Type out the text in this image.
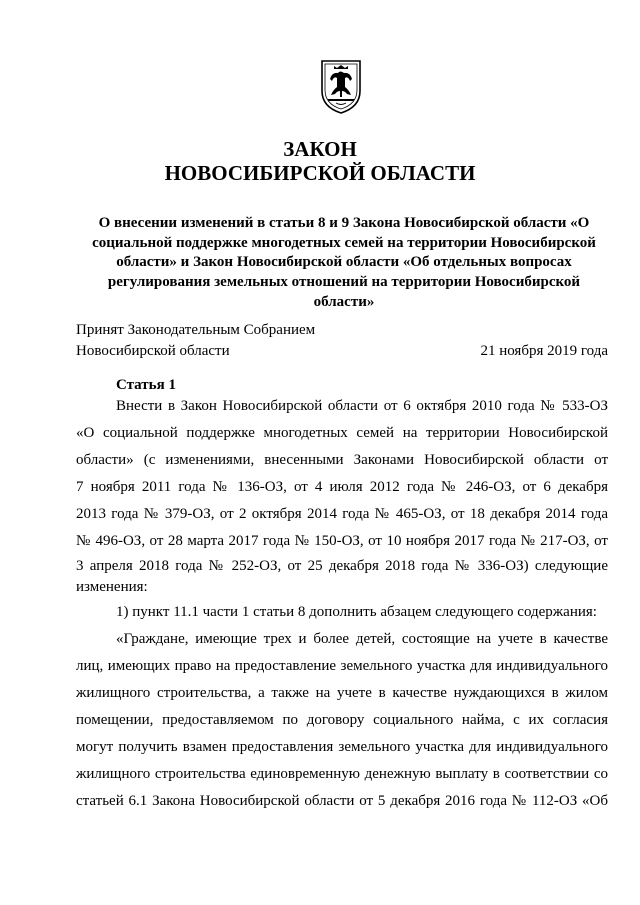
ЗАКОН
НОВОСИБИРСКОЙ ОБЛАСТИ
О внесении изменений в статьи 8 и 9 Закона Новосибирской области «О социальной поддержке многодетных семей на территории Новосибирской области» и Закон Новосибирской области «Об отдельных вопросах регулирования земельных отношений на территории Новосибирской области»
Принят Законодательным Собранием
Новосибирской области	21 ноября 2019 года
Статья 1
Внести в Закон Новосибирской области от 6 октября 2010 года № 533-ОЗ
«О социальной поддержке многодетных семей на территории Новосибирской
области» (с изменениями, внесенными Законами Новосибирской области от
7 ноября 2011 года № 136-ОЗ, от 4 июля 2012 года № 246-ОЗ, от 6 декабря
2013 года № 379-ОЗ, от 2 октября 2014 года № 465-ОЗ, от 18 декабря 2014 года
№ 496-ОЗ, от 28 марта 2017 года № 150-ОЗ, от 10 ноября 2017 года № 217-ОЗ, от
3 апреля 2018 года № 252-ОЗ, от 25 декабря 2018 года № 336-ОЗ) следующие
изменения:
1) пункт 11.1 части 1 статьи 8 дополнить абзацем следующего содержания:
«Граждане, имеющие трех и более детей, состоящие на учете в качестве
лиц, имеющих право на предоставление земельного участка для индивидуального
жилищного строительства, а также на учете в качестве нуждающихся в жилом
помещении, предоставляемом по договору социального найма, с их согласия
могут получить взамен предоставления земельного участка для индивидуального
жилищного строительства единовременную денежную выплату в соответствии со
статьей 6.1 Закона Новосибирской области от 5 декабря 2016 года № 112-ОЗ «Об
